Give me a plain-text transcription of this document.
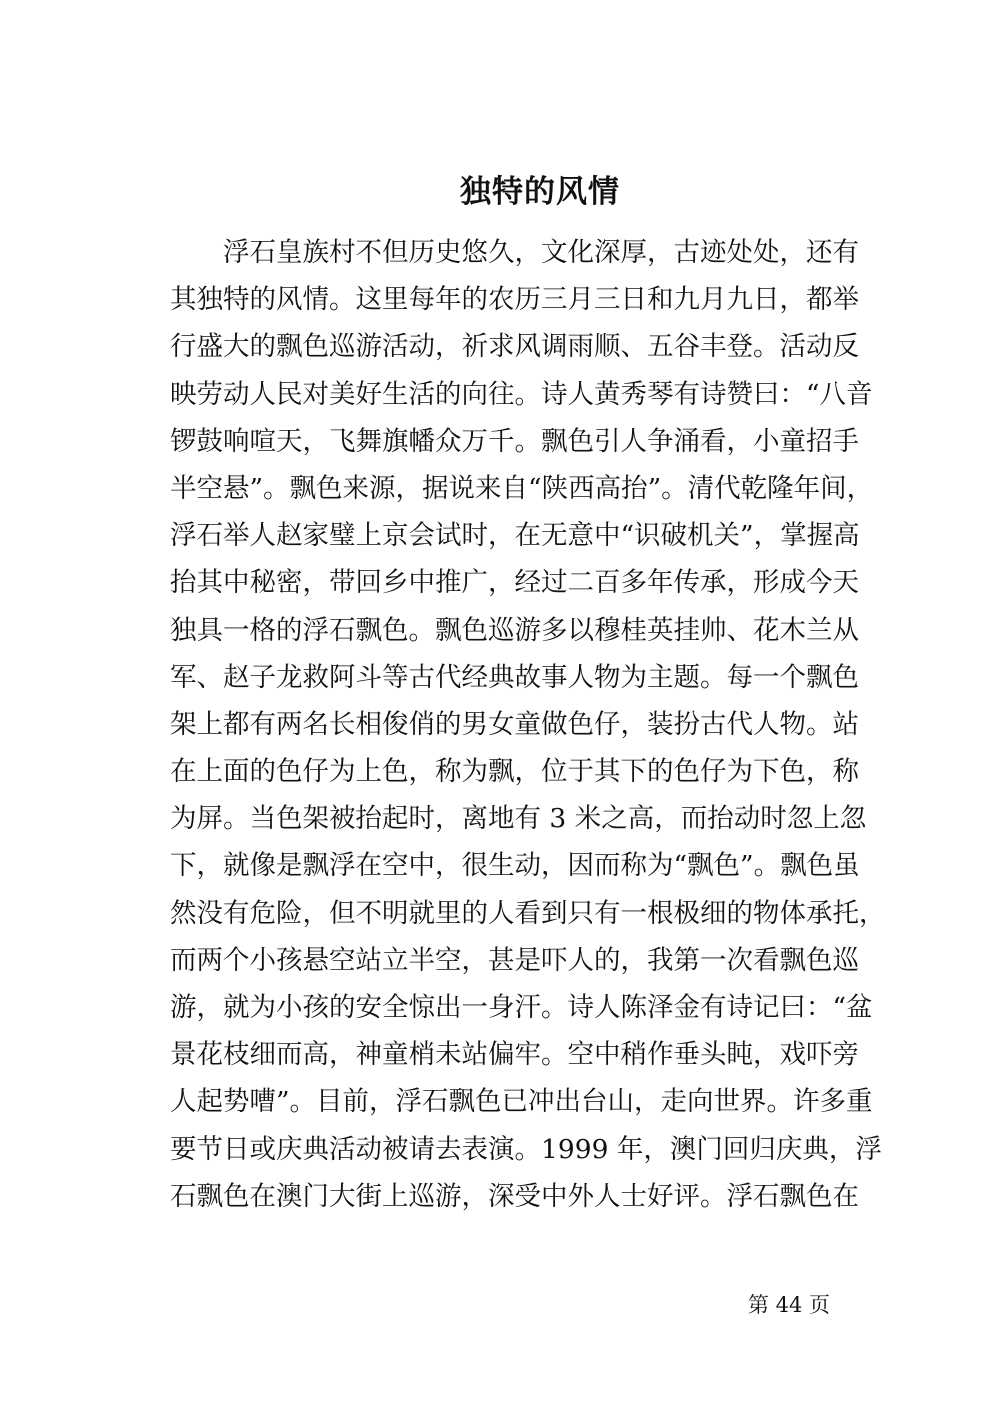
独特的风情
浮石皇族村不但历史悠久，文化深厚，古迹处处，还有
其独特的风情。这里每年的农历三月三日和九月九日，都举
行盛大的飘色巡游活动，祈求风调雨顺、五谷丰登。活动反
映劳动人民对美好生活的向往。诗人黄秀琴有诗赞曰：“八音
锣鼓响喧天，飞舞旗幡众万千。飘色引人争涌看，小童招手
半空悬”。飘色来源，据说来自“陕西高抬”。清代乾隆年间，
浮石举人赵家璧上京会试时，在无意中“识破机关”，掌握高
抬其中秘密，带回乡中推广，经过二百多年传承，形成今天
独具一格的浮石飘色。飘色巡游多以穆桂英挂帅、花木兰从
军、赵子龙救阿斗等古代经典故事人物为主题。每一个飘色
架上都有两名长相俊俏的男女童做色仔，装扮古代人物。站
在上面的色仔为上色，称为飘，位于其下的色仔为下色，称
为屏。当色架被抬起时，离地有 3 米之高，而抬动时忽上忽
下，就像是飘浮在空中，很生动，因而称为“飘色”。飘色虽
然没有危险，但不明就里的人看到只有一根极细的物体承托，
而两个小孩悬空站立半空，甚是吓人的，我第一次看飘色巡
游，就为小孩的安全惊出一身汗。诗人陈泽金有诗记曰：“盆
景花枝细而高，神童梢未站偏牢。空中稍作垂头盹，戏吓旁
人起势嘈”。目前，浮石飘色已冲出台山，走向世界。许多重
要节日或庆典活动被请去表演。1999 年，澳门回归庆典，浮
石飘色在澳门大街上巡游，深受中外人士好评。浮石飘色在
第 44 页
